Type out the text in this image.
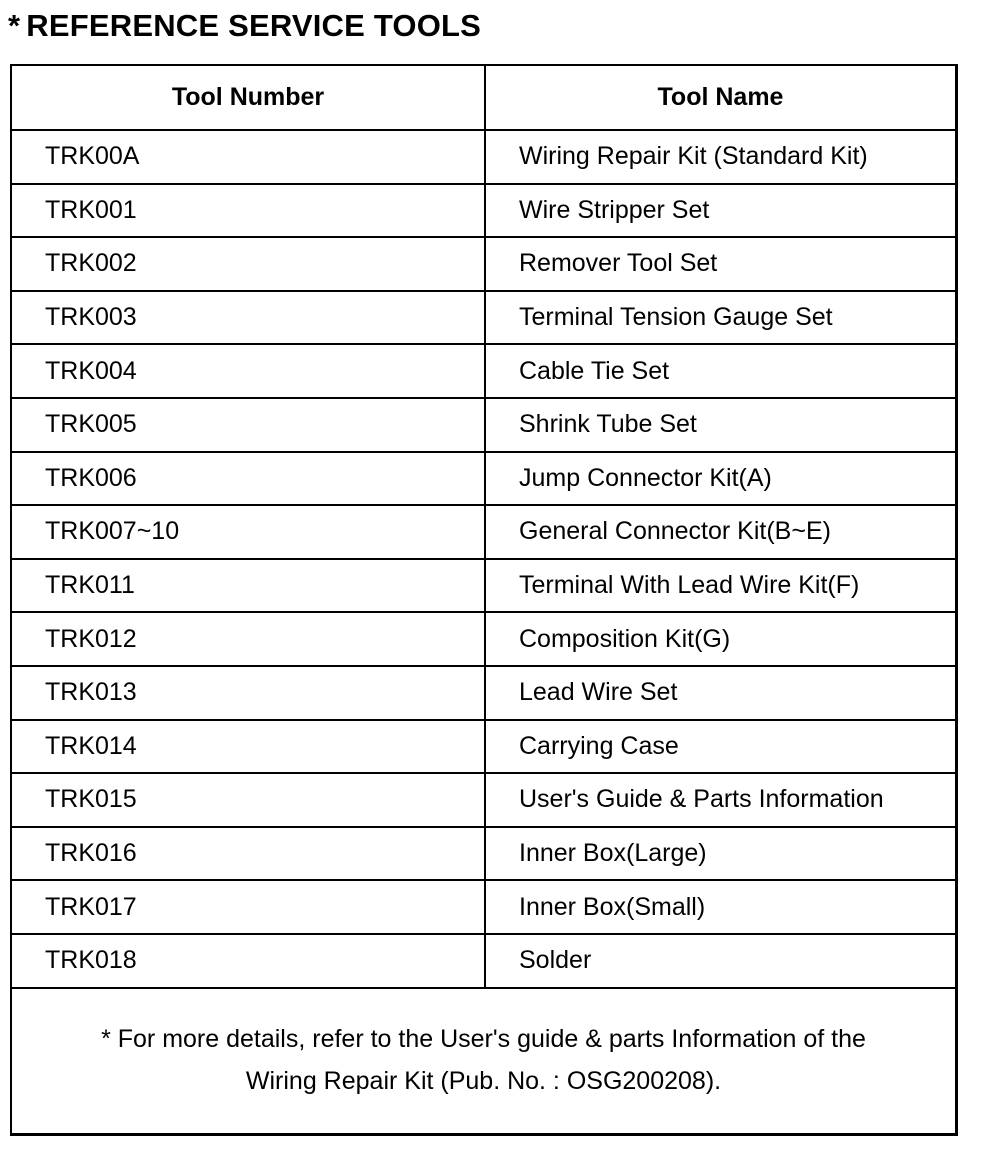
* REFERENCE SERVICE TOOLS
Tool Number	Tool Name
TRK00A	Wiring Repair Kit (Standard Kit)
TRK001	Wire Stripper Set
TRK002	Remover Tool Set
TRK003	Terminal Tension Gauge Set
TRK004	Cable Tie Set
TRK005	Shrink Tube Set
TRK006	Jump Connector Kit(A)
TRK007~10	General Connector Kit(B~E)
TRK011	Terminal With Lead Wire Kit(F)
TRK012	Composition Kit(G)
TRK013	Lead Wire Set
TRK014	Carrying Case
TRK015	User's Guide & Parts Information
TRK016	Inner Box(Large)
TRK017	Inner Box(Small)
TRK018	Solder
* For more details, refer to the User's guide & parts Information of the
Wiring Repair Kit (Pub. No. : OSG200208).
